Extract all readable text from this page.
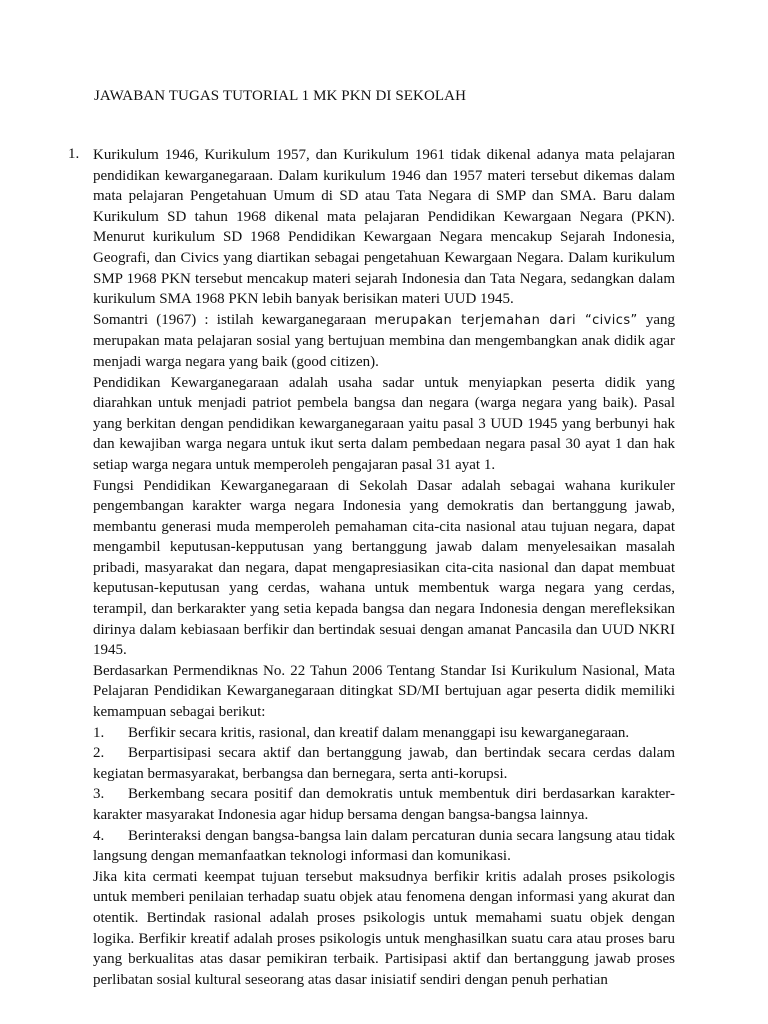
JAWABAN TUGAS TUTORIAL 1 MK PKN DI SEKOLAH
1. Kurikulum 1946, Kurikulum 1957, dan Kurikulum 1961 tidak dikenal adanya mata pelajaran pendidikan kewarganegaraan. Dalam kurikulum 1946 dan 1957 materi tersebut dikemas dalam mata pelajaran Pengetahuan Umum di SD atau Tata Negara di SMP dan SMA. Baru dalam Kurikulum SD tahun 1968 dikenal mata pelajaran Pendidikan Kewargaan Negara (PKN). Menurut kurikulum SD 1968 Pendidikan Kewargaan Negara mencakup Sejarah Indonesia, Geografi, dan Civics yang diartikan sebagai pengetahuan Kewargaan Negara. Dalam kurikulum SMP 1968 PKN tersebut mencakup materi sejarah Indonesia dan Tata Negara, sedangkan dalam kurikulum SMA 1968 PKN lebih banyak berisikan materi UUD 1945.

Somantri (1967) : istilah kewarganegaraan merupakan terjemahan dari “civics” yang merupakan mata pelajaran sosial yang bertujuan membina dan mengembangkan anak didik agar menjadi warga negara yang baik (good citizen).

Pendidikan Kewarganegaraan adalah usaha sadar untuk menyiapkan peserta didik yang diarahkan untuk menjadi patriot pembela bangsa dan negara (warga negara yang baik). Pasal yang berkitan dengan pendidikan kewarganegaraan yaitu pasal 3 UUD 1945 yang berbunyi hak dan kewajiban warga negara untuk ikut serta dalam pembedaan negara pasal 30 ayat 1 dan hak setiap warga negara untuk memperoleh pengajaran pasal 31 ayat 1.

Fungsi Pendidikan Kewarganegaraan di Sekolah Dasar adalah sebagai wahana kurikuler pengembangan karakter warga negara Indonesia yang demokratis dan bertanggung jawab, membantu generasi muda memperoleh pemahaman cita-cita nasional atau tujuan negara, dapat mengambil keputusan-kepputusan yang bertanggung jawab dalam menyelesaikan masalah pribadi, masyarakat dan negara, dapat mengapresiasikan cita-cita nasional dan dapat membuat keputusan-keputusan yang cerdas, wahana untuk membentuk warga negara yang cerdas, terampil, dan berkarakter yang setia kepada bangsa dan negara Indonesia dengan merefleksikan dirinya dalam kebiasaan berfikir dan bertindak sesuai dengan amanat Pancasila dan UUD NKRI 1945.

Berdasarkan Permendiknas No. 22 Tahun 2006 Tentang Standar Isi Kurikulum Nasional, Mata Pelajaran Pendidikan Kewarganegaraan ditingkat SD/MI bertujuan agar peserta didik memiliki kemampuan sebagai berikut:

1. Berfikir secara kritis, rasional, dan kreatif dalam menanggapi isu kewarganegaraan.

2. Berpartisipasi secara aktif dan bertanggung jawab, dan bertindak secara cerdas dalam kegiatan bermasyarakat, berbangsa dan bernegara, serta anti-korupsi.

3. Berkembang secara positif dan demokratis untuk membentuk diri berdasarkan karakter-karakter masyarakat Indonesia agar hidup bersama dengan bangsa-bangsa lainnya.

4. Berinteraksi dengan bangsa-bangsa lain dalam percaturan dunia secara langsung atau tidak langsung dengan memanfaatkan teknologi informasi dan komunikasi.

Jika kita cermati keempat tujuan tersebut maksudnya berfikir kritis adalah proses psikologis untuk memberi penilaian terhadap suatu objek atau fenomena dengan informasi yang akurat dan otentik. Bertindak rasional adalah proses psikologis untuk memahami suatu objek dengan logika. Berfikir kreatif adalah proses psikologis untuk menghasilkan suatu cara atau proses baru yang berkualitas atas dasar pemikiran terbaik. Partisipasi aktif dan bertanggung jawab proses perlibatan sosial kultural seseorang atas dasar inisiatif sendiri dengan penuh perhatian
